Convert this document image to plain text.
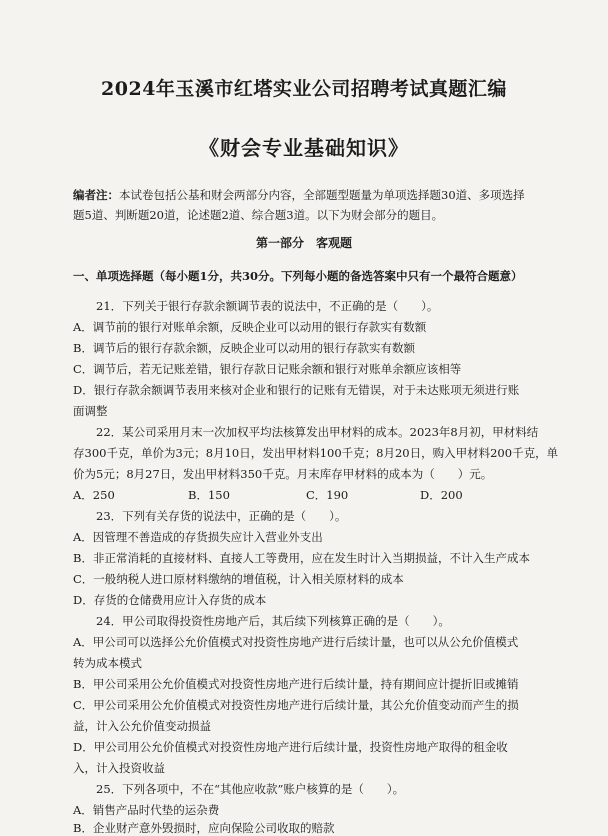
2024年玉溪市红塔实业公司招聘考试真题汇编
《财会专业基础知识》
编者注：本试卷包括公基和财会两部分内容，全部题型题量为单项选择题30道、多项选择
题5道、判断题20道，论述题2道、综合题3道。以下为财会部分的题目。
第一部分　客观题
一、单项选择题（每小题1分，共30分。下列每小题的备选答案中只有一个最符合题意）
21．下列关于银行存款余额调节表的说法中，不正确的是（　　）。
A．调节前的银行对账单余额，反映企业可以动用的银行存款实有数额
B．调节后的银行存款余额，反映企业可以动用的银行存款实有数额
C．调节后，若无记账差错，银行存款日记账余额和银行对账单余额应该相等
D．银行存款余额调节表用来核对企业和银行的记账有无错误，对于未达账项无须进行账
面调整
22．某公司采用月末一次加权平均法核算发出甲材料的成本。2023年8月初，甲材料结
存300千克，单价为3元；8月10日，发出甲材料100千克；8月20日，购入甲材料200千克，单
价为5元；8月27日，发出甲材料350千克。月末库存甲材料的成本为（　　）元。
A．250	B．150	C．190	D．200
23．下列有关存货的说法中，正确的是（　　）。
A．因管理不善造成的存货损失应计入营业外支出
B．非正常消耗的直接材料、直接人工等费用，应在发生时计入当期损益，不计入生产成本
C．一般纳税人进口原材料缴纳的增值税，计入相关原材料的成本
D．存货的仓储费用应计入存货的成本
24．甲公司取得投资性房地产后，其后续下列核算正确的是（　　）。
A．甲公司可以选择公允价值模式对投资性房地产进行后续计量，也可以从公允价值模式
转为成本模式
B．甲公司采用公允价值模式对投资性房地产进行后续计量，持有期间应计提折旧或摊销
C．甲公司采用公允价值模式对投资性房地产进行后续计量，其公允价值变动而产生的损
益，计入公允价值变动损益
D．甲公司用公允价值模式对投资性房地产进行后续计量，投资性房地产取得的租金收
入，计入投资收益
25．下列各项中，不在“其他应收款”账户核算的是（　　）。
A．销售产品时代垫的运杂费
B．企业财产意外毁损时，应向保险公司收取的赔款
